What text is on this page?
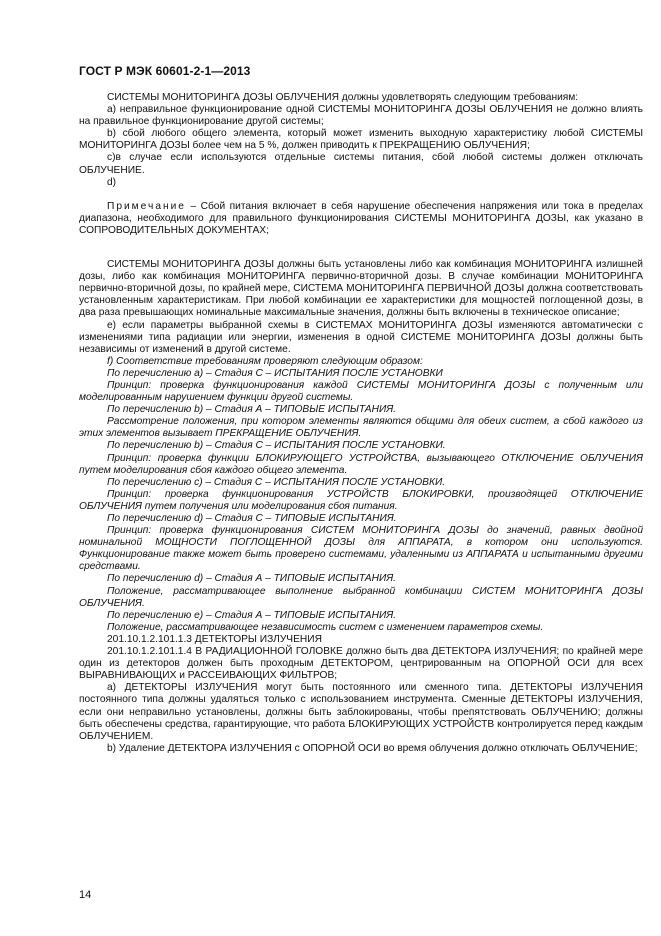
ГОСТ Р МЭК 60601-2-1—2013

СИСТЕМЫ МОНИТОРИНГА ДОЗЫ ОБЛУЧЕНИЯ должны удовлетворять следующим требованиям:

a) неправильное функционирование одной СИСТЕМЫ МОНИТОРИНГА ДОЗЫ ОБЛУЧЕНИЯ не должно влиять на правильное функционирование другой системы;

b) сбой любого общего элемента, который может изменить выходную характеристику любой СИСТЕМЫ МОНИТОРИНГА ДОЗЫ более чем на 5 %, должен приводить к ПРЕКРАЩЕНИЮ ОБЛУЧЕНИЯ;

c)в случае если используются отдельные системы питания, сбой любой системы должен отключать ОБЛУЧЕНИЕ.

d)

Примечание – Сбой питания включает в себя нарушение обеспечения напряжения или тока в пределах диапазона, необходимого для правильного функционирования СИСТЕМЫ МОНИТОРИНГА ДОЗЫ, как указано в СОПРОВОДИТЕЛЬНЫХ ДОКУМЕНТАХ;

СИСТЕМЫ МОНИТОРИНГА ДОЗЫ должны быть установлены либо как комбинация МОНИТОРИНГА излишней дозы, либо как комбинация МОНИТОРИНГА первично-вторичной дозы. В случае комбинации МОНИТОРИНГА первично-вторичной дозы, по крайней мере, СИСТЕМА МОНИТОРИНГА ПЕРВИЧНОЙ ДОЗЫ должна соответствовать установленным характеристикам. При любой комбинации ее характеристики для мощностей поглощенной дозы, в два раза превышающих номинальные максимальные значения, должны быть включены в техническое описание;

e) если параметры выбранной схемы в СИСТЕМАХ МОНИТОРИНГА ДОЗЫ изменяются автоматически с изменениями типа радиации или энергии, изменения в одной СИСТЕМЕ МОНИТОРИНГА ДОЗЫ должны быть независимы от изменений в другой системе.

f) Соответствие требованиям проверяют следующим образом:

По перечислению а) – Стадия С – ИСПЫТАНИЯ ПОСЛЕ УСТАНОВКИ

Принцип: проверка функционирования каждой СИСТЕМЫ МОНИТОРИНГА ДОЗЫ с полученным или моделированным нарушением функции другой системы.

По перечислению b) – Стадия А – ТИПОВЫЕ ИСПЫТАНИЯ.

Рассмотрение положения, при котором элементы являются общими для обеих систем, а сбой каждого из этих элементов вызывает ПРЕКРАЩЕНИЕ ОБЛУЧЕНИЯ.

По перечислению b) – Стадия С – ИСПЫТАНИЯ ПОСЛЕ УСТАНОВКИ.

Принцип: проверка функции БЛОКИРУЮЩЕГО УСТРОЙСТВА, вызывающего ОТКЛЮЧЕНИЕ ОБЛУЧЕНИЯ путем моделирования сбоя каждого общего элемента.

По перечислению с) – Стадия С – ИСПЫТАНИЯ ПОСЛЕ УСТАНОВКИ.

Принцип: проверка функционирования УСТРОЙСТВ БЛОКИРОВКИ, производящей ОТКЛЮЧЕНИЕ ОБЛУЧЕНИЯ путем получения или моделирования сбоя питания.

По перечислению d) – Стадия С – ТИПОВЫЕ ИСПЫТАНИЯ.

Принцип: проверка функционирования СИСТЕМ МОНИТОРИНГА ДОЗЫ до значений, равных двойной номинальной МОЩНОСТИ ПОГЛОЩЕННОЙ ДОЗЫ для АППАРАТА, в котором они используются. Функционирование также может быть проверено системами, удаленными из АППАРАТА и испытанными другими средствами.

По перечислению d) – Стадия А – ТИПОВЫЕ ИСПЫТАНИЯ.

Положение, рассматривающее выполнение выбранной комбинации СИСТЕМ МОНИТОРИНГА ДОЗЫ ОБЛУЧЕНИЯ.

По перечислению е) – Стадия А – ТИПОВЫЕ ИСПЫТАНИЯ.

Положение, рассматривающее независимость систем с изменением параметров схемы.

201.10.1.2.101.1.3 ДЕТЕКТОРЫ ИЗЛУЧЕНИЯ

201.10.1.2.101.1.4 В РАДИАЦИОННОЙ ГОЛОВКЕ должно быть два ДЕТЕКТОРА ИЗЛУЧЕНИЯ; по крайней мере один из детекторов должен быть проходным ДЕТЕКТОРОМ, центрированным на ОПОРНОЙ ОСИ для всех ВЫРАВНИВАЮЩИХ и РАССЕИВАЮЩИХ ФИЛЬТРОВ;

a) ДЕТЕКТОРЫ ИЗЛУЧЕНИЯ могут быть постоянного или сменного типа. ДЕТЕКТОРЫ ИЗЛУЧЕНИЯ постоянного типа должны удаляться только с использованием инструмента. Сменные ДЕТЕКТОРЫ ИЗЛУЧЕНИЯ, если они неправильно установлены, должны быть заблокированы, чтобы препятствовать ОБЛУЧЕНИЮ; должны быть обеспечены средства, гарантирующие, что работа БЛОКИРУЮЩИХ УСТРОЙСТВ контролируется перед каждым ОБЛУЧЕНИЕМ.

b) Удаление ДЕТЕКТОРА ИЗЛУЧЕНИЯ с ОПОРНОЙ ОСИ во время облучения должно отключать ОБЛУЧЕНИЕ;

14
